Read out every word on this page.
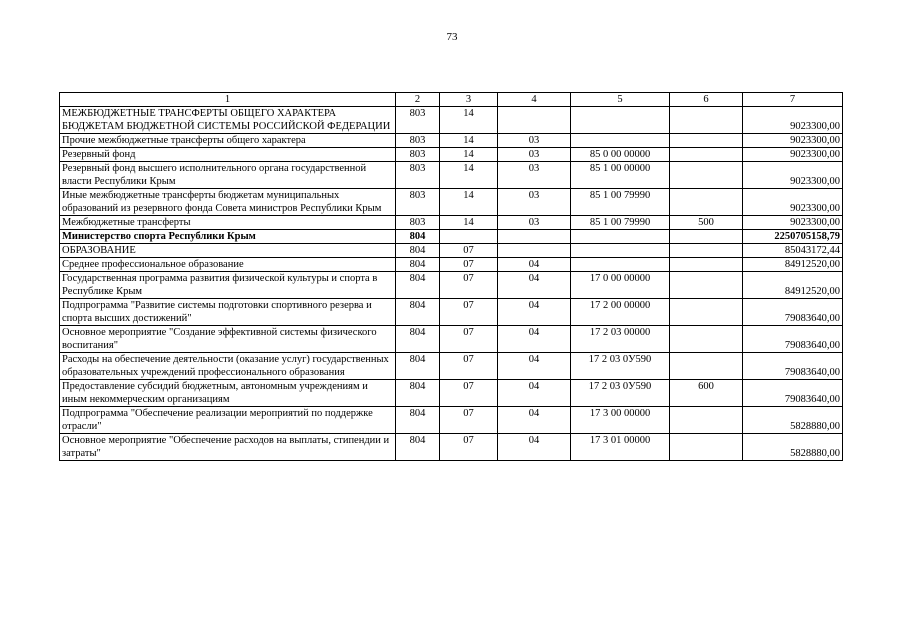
73
1	2	3	4	5	6	7
МЕЖБЮДЖЕТНЫЕ ТРАНСФЕРТЫ ОБЩЕГО ХАРАКТЕРА БЮДЖЕТАМ БЮДЖЕТНОЙ СИСТЕМЫ РОССИЙСКОЙ ФЕДЕРАЦИИ	803	14				9023300,00
Прочие межбюджетные трансферты общего характера	803	14	03			9023300,00
Резервный фонд	803	14	03	85 0 00 00000		9023300,00
Резервный фонд высшего исполнительного органа государственной власти Республики Крым	803	14	03	85 1 00 00000		9023300,00
Иные межбюджетные трансферты бюджетам муниципальных образований из резервного фонда Совета министров Республики Крым	803	14	03	85 1 00 79990		9023300,00
Межбюджетные трансферты	803	14	03	85 1 00 79990	500	9023300,00
Министерство спорта Республики Крым	804					2250705158,79
ОБРАЗОВАНИЕ	804	07				85043172,44
Среднее профессиональное образование	804	07	04			84912520,00
Государственная программа развития физической культуры и спорта в Республике Крым	804	07	04	17 0 00 00000		84912520,00
Подпрограмма "Развитие системы подготовки спортивного резерва и спорта высших достижений"	804	07	04	17 2 00 00000		79083640,00
Основное мероприятие "Создание эффективной системы физического воспитания"	804	07	04	17 2 03 00000		79083640,00
Расходы на обеспечение деятельности (оказание услуг) государственных образовательных учреждений профессионального образования	804	07	04	17 2 03 0У590		79083640,00
Предоставление субсидий бюджетным, автономным учреждениям и иным некоммерческим организациям	804	07	04	17 2 03 0У590	600	79083640,00
Подпрограмма "Обеспечение реализации мероприятий по поддержке отрасли"	804	07	04	17 3 00 00000		5828880,00
Основное мероприятие "Обеспечение расходов на выплаты, стипендии и затраты"	804	07	04	17 3 01 00000		5828880,00
